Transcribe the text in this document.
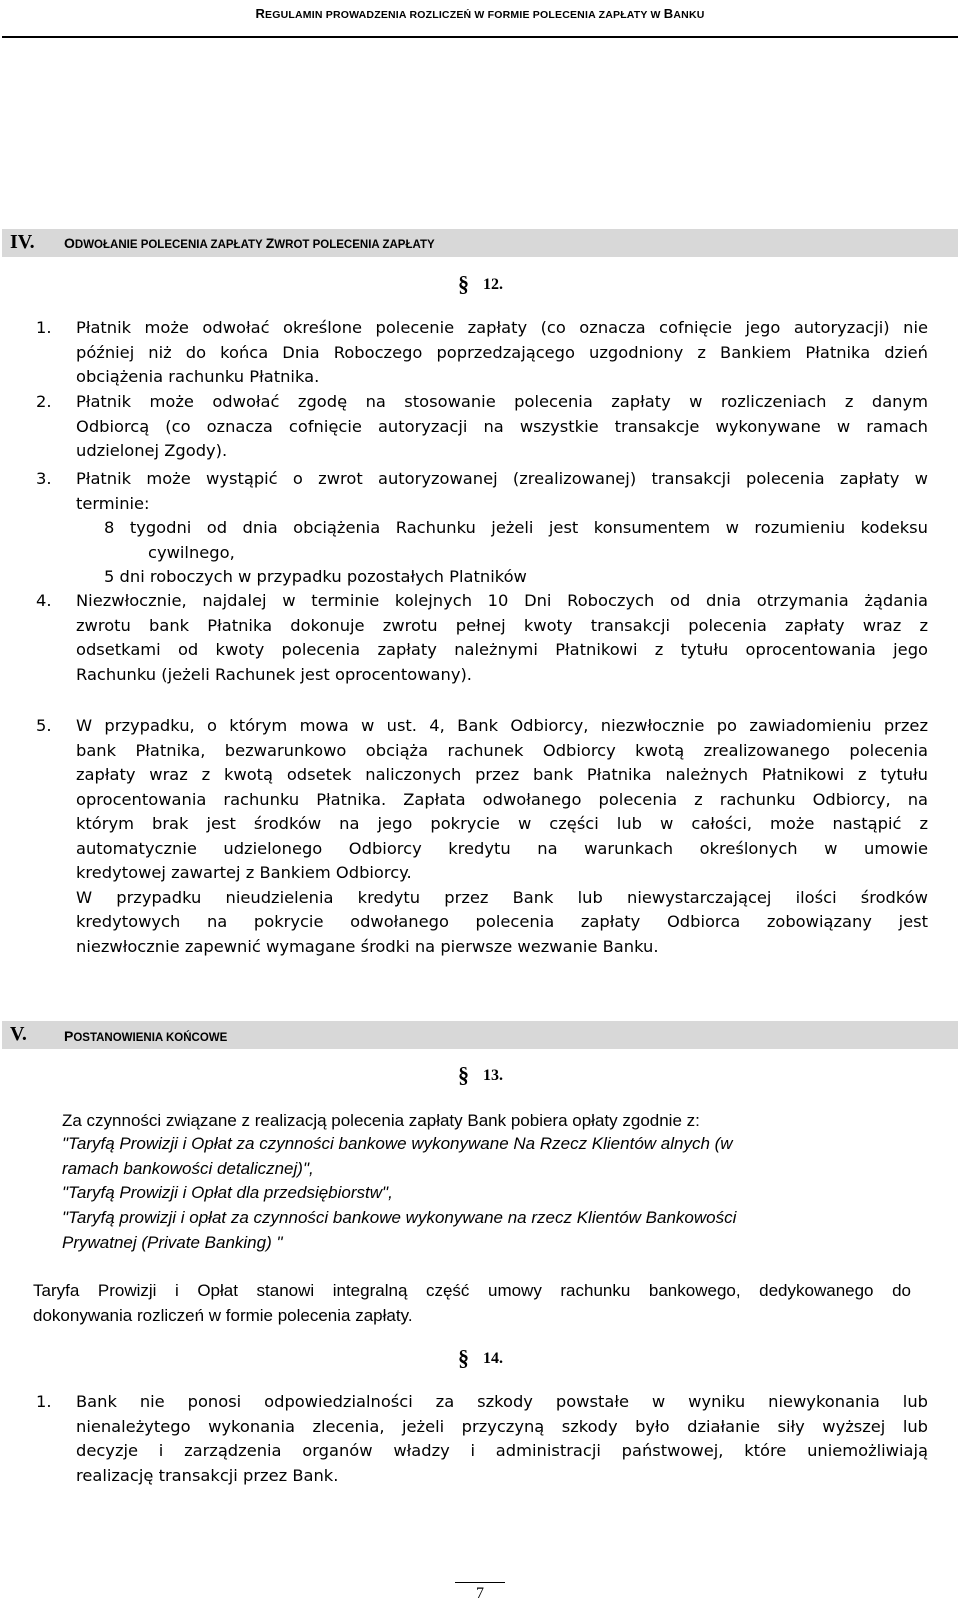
REGULAMIN PROWADZENIA ROZLICZEŃ W FORMIE POLECENIA ZAPŁATY W BANKU
IV. ODWOŁANIE POLECENIA ZAPŁATY ZWROT POLECENIA ZAPŁATY
§ 12.
1. Płatnik może odwołać określone polecenie zapłaty (co oznacza cofnięcie jego autoryzacji) nie
później niż do końca Dnia Roboczego poprzedzającego uzgodniony z Bankiem Płatnika dzień
obciążenia rachunku Płatnika.
2. Płatnik może odwołać zgodę na stosowanie polecenia zapłaty w rozliczeniach z danym
Odbiorcą (co oznacza cofnięcie autoryzacji na wszystkie transakcje wykonywane w ramach
udzielonej Zgody).
3. Płatnik może wystąpić o zwrot autoryzowanej (zrealizowanej) transakcji polecenia zapłaty w
terminie:
8 tygodni od dnia obciążenia Rachunku jeżeli jest konsumentem w rozumieniu kodeksu
cywilnego,
5 dni roboczych w przypadku pozostałych Platników
4. Niezwłocznie, najdalej w terminie kolejnych 10 Dni Roboczych od dnia otrzymania żądania
zwrotu bank Płatnika dokonuje zwrotu pełnej kwoty transakcji polecenia zapłaty wraz z
odsetkami od kwoty polecenia zapłaty należnymi Płatnikowi z tytułu oprocentowania jego
Rachunku (jeżeli Rachunek jest oprocentowany).
5. W przypadku, o którym mowa w ust. 4, Bank Odbiorcy, niezwłocznie po zawiadomieniu przez
bank Płatnika, bezwarunkowo obciąża rachunek Odbiorcy kwotą zrealizowanego polecenia
zapłaty wraz z kwotą odsetek naliczonych przez bank Płatnika należnych Płatnikowi z tytułu
oprocentowania rachunku Płatnika. Zapłata odwołanego polecenia z rachunku Odbiorcy, na
którym brak jest środków na jego pokrycie w części lub w całości, może nastąpić z
automatycznie udzielonego Odbiorcy kredytu na warunkach określonych w umowie
kredytowej zawartej z Bankiem Odbiorcy.
W przypadku nieudzielenia kredytu przez Bank lub niewystarczającej ilości środków
kredytowych na pokrycie odwołanego polecenia zapłaty Odbiorca zobowiązany jest
niezwłocznie zapewnić wymagane środki na pierwsze wezwanie Banku.
V.	POSTANOWIENIA KOŃCOWE
§ 13.
Za czynności związane z realizacją polecenia zapłaty Bank pobiera opłaty zgodnie z:
"Taryfą Prowizji i Opłat za czynności bankowe wykonywane Na Rzecz Klientów alnych (w
ramach bankowości detalicznej)",
"Taryfą Prowizji i Opłat dla przedsiębiorstw",
"Taryfą prowizji i opłat za czynności bankowe wykonywane na rzecz Klientów Bankowości
Prywatnej (Private Banking) "
Taryfa Prowizji i Opłat stanowi integralną część umowy rachunku bankowego, dedykowanego do
dokonywania rozliczeń w formie polecenia zapłaty.
§ 14.
1. Bank nie ponosi odpowiedzialności za szkody powstałe w wyniku niewykonania lub
nienależytego wykonania zlecenia, jeżeli przyczyną szkody było działanie siły wyższej lub
decyzje i zarządzenia organów władzy i administracji państwowej, które uniemożliwiają
realizację transakcji przez Bank.
7
